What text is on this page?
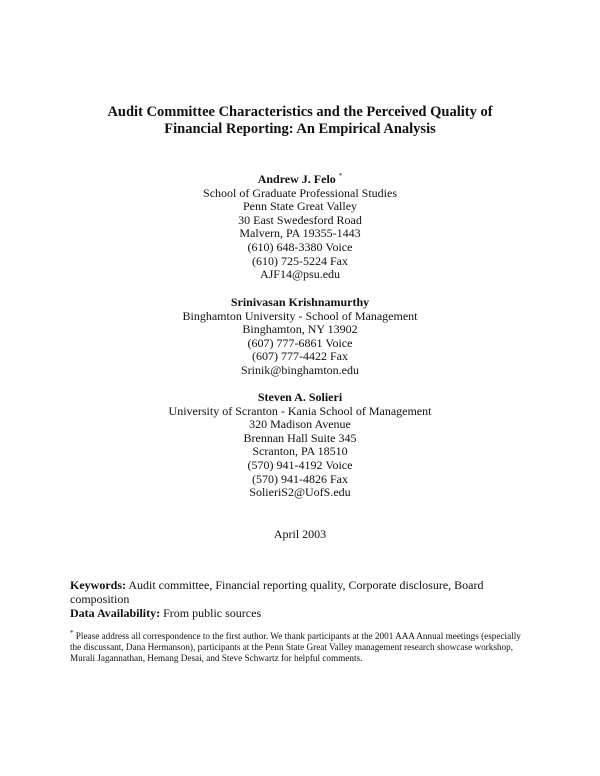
Audit Committee Characteristics and the Perceived Quality of
Financial Reporting: An Empirical Analysis
Andrew J. Felo *
School of Graduate Professional Studies
Penn State Great Valley
30 East Swedesford Road
Malvern, PA 19355-1443
(610) 648-3380 Voice
(610) 725-5224 Fax
AJF14@psu.edu
Srinivasan Krishnamurthy
Binghamton University - School of Management
Binghamton, NY 13902
(607) 777-6861 Voice
(607) 777-4422 Fax
Srinik@binghamton.edu
Steven A. Solieri
University of Scranton - Kania School of Management
320 Madison Avenue
Brennan Hall Suite 345
Scranton, PA 18510
(570) 941-4192 Voice
(570) 941-4826 Fax
SolieriS2@UofS.edu
April 2003
Keywords: Audit committee, Financial reporting quality, Corporate disclosure, Board composition
Data Availability: From public sources
* Please address all correspondence to the first author. We thank participants at the 2001 AAA Annual meetings (especially the discussant, Dana Hermanson), participants at the Penn State Great Valley management research showcase workshop, Murali Jagannathan, Hemang Desai, and Steve Schwartz for helpful comments.
